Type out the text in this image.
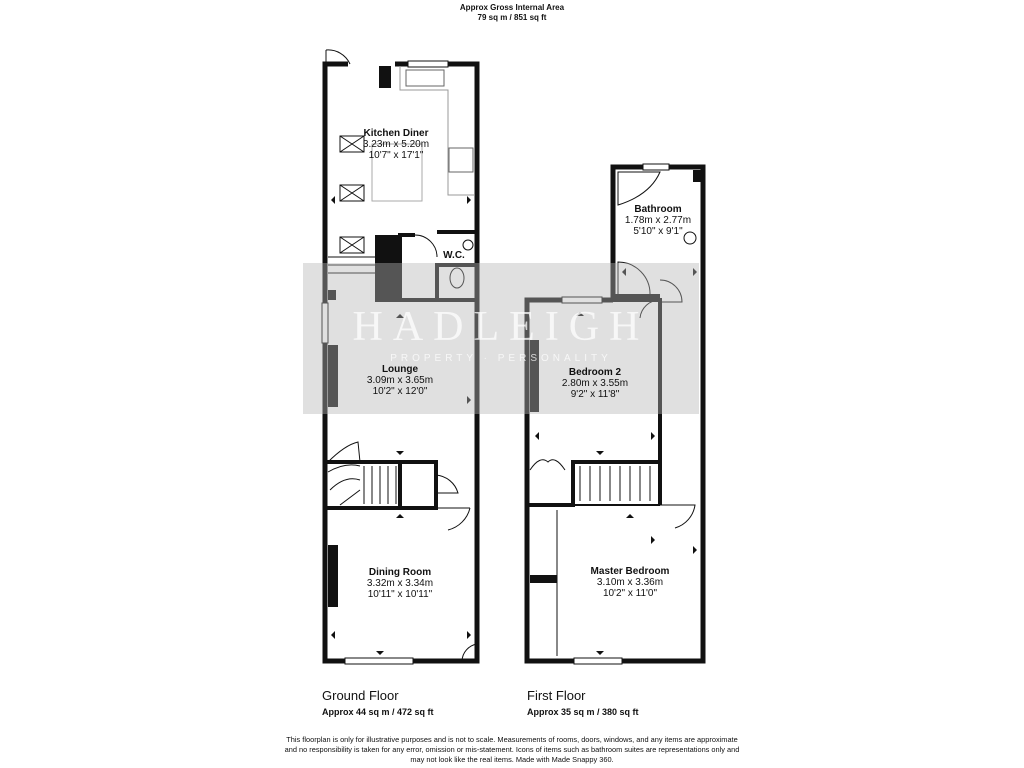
Approx Gross Internal Area
79 sq m / 851 sq ft
HADLEIGH
PROPERTY · PERSONALITY
Kitchen Diner
3.23m x 5.20m
10'7" x 17'1"
W.C.
Lounge
3.09m x 3.65m
10'2" x 12'0"
Dining Room
3.32m x 3.34m
10'11" x 10'11"
Bathroom
1.78m x 2.77m
5'10" x 9'1"
Bedroom 2
2.80m x 3.55m
9'2" x 11'8"
Master Bedroom
3.10m x 3.36m
10'2" x 11'0"
Ground Floor
Approx 44 sq m / 472 sq ft
First Floor
Approx 35 sq m / 380 sq ft
This floorplan is only for illustrative purposes and is not to scale. Measurements of rooms, doors, windows, and any items are approximate
and no responsibility is taken for any error, omission or mis-statement. Icons of items such as bathroom suites are representations only and
may not look like the real items. Made with Made Snappy 360.
